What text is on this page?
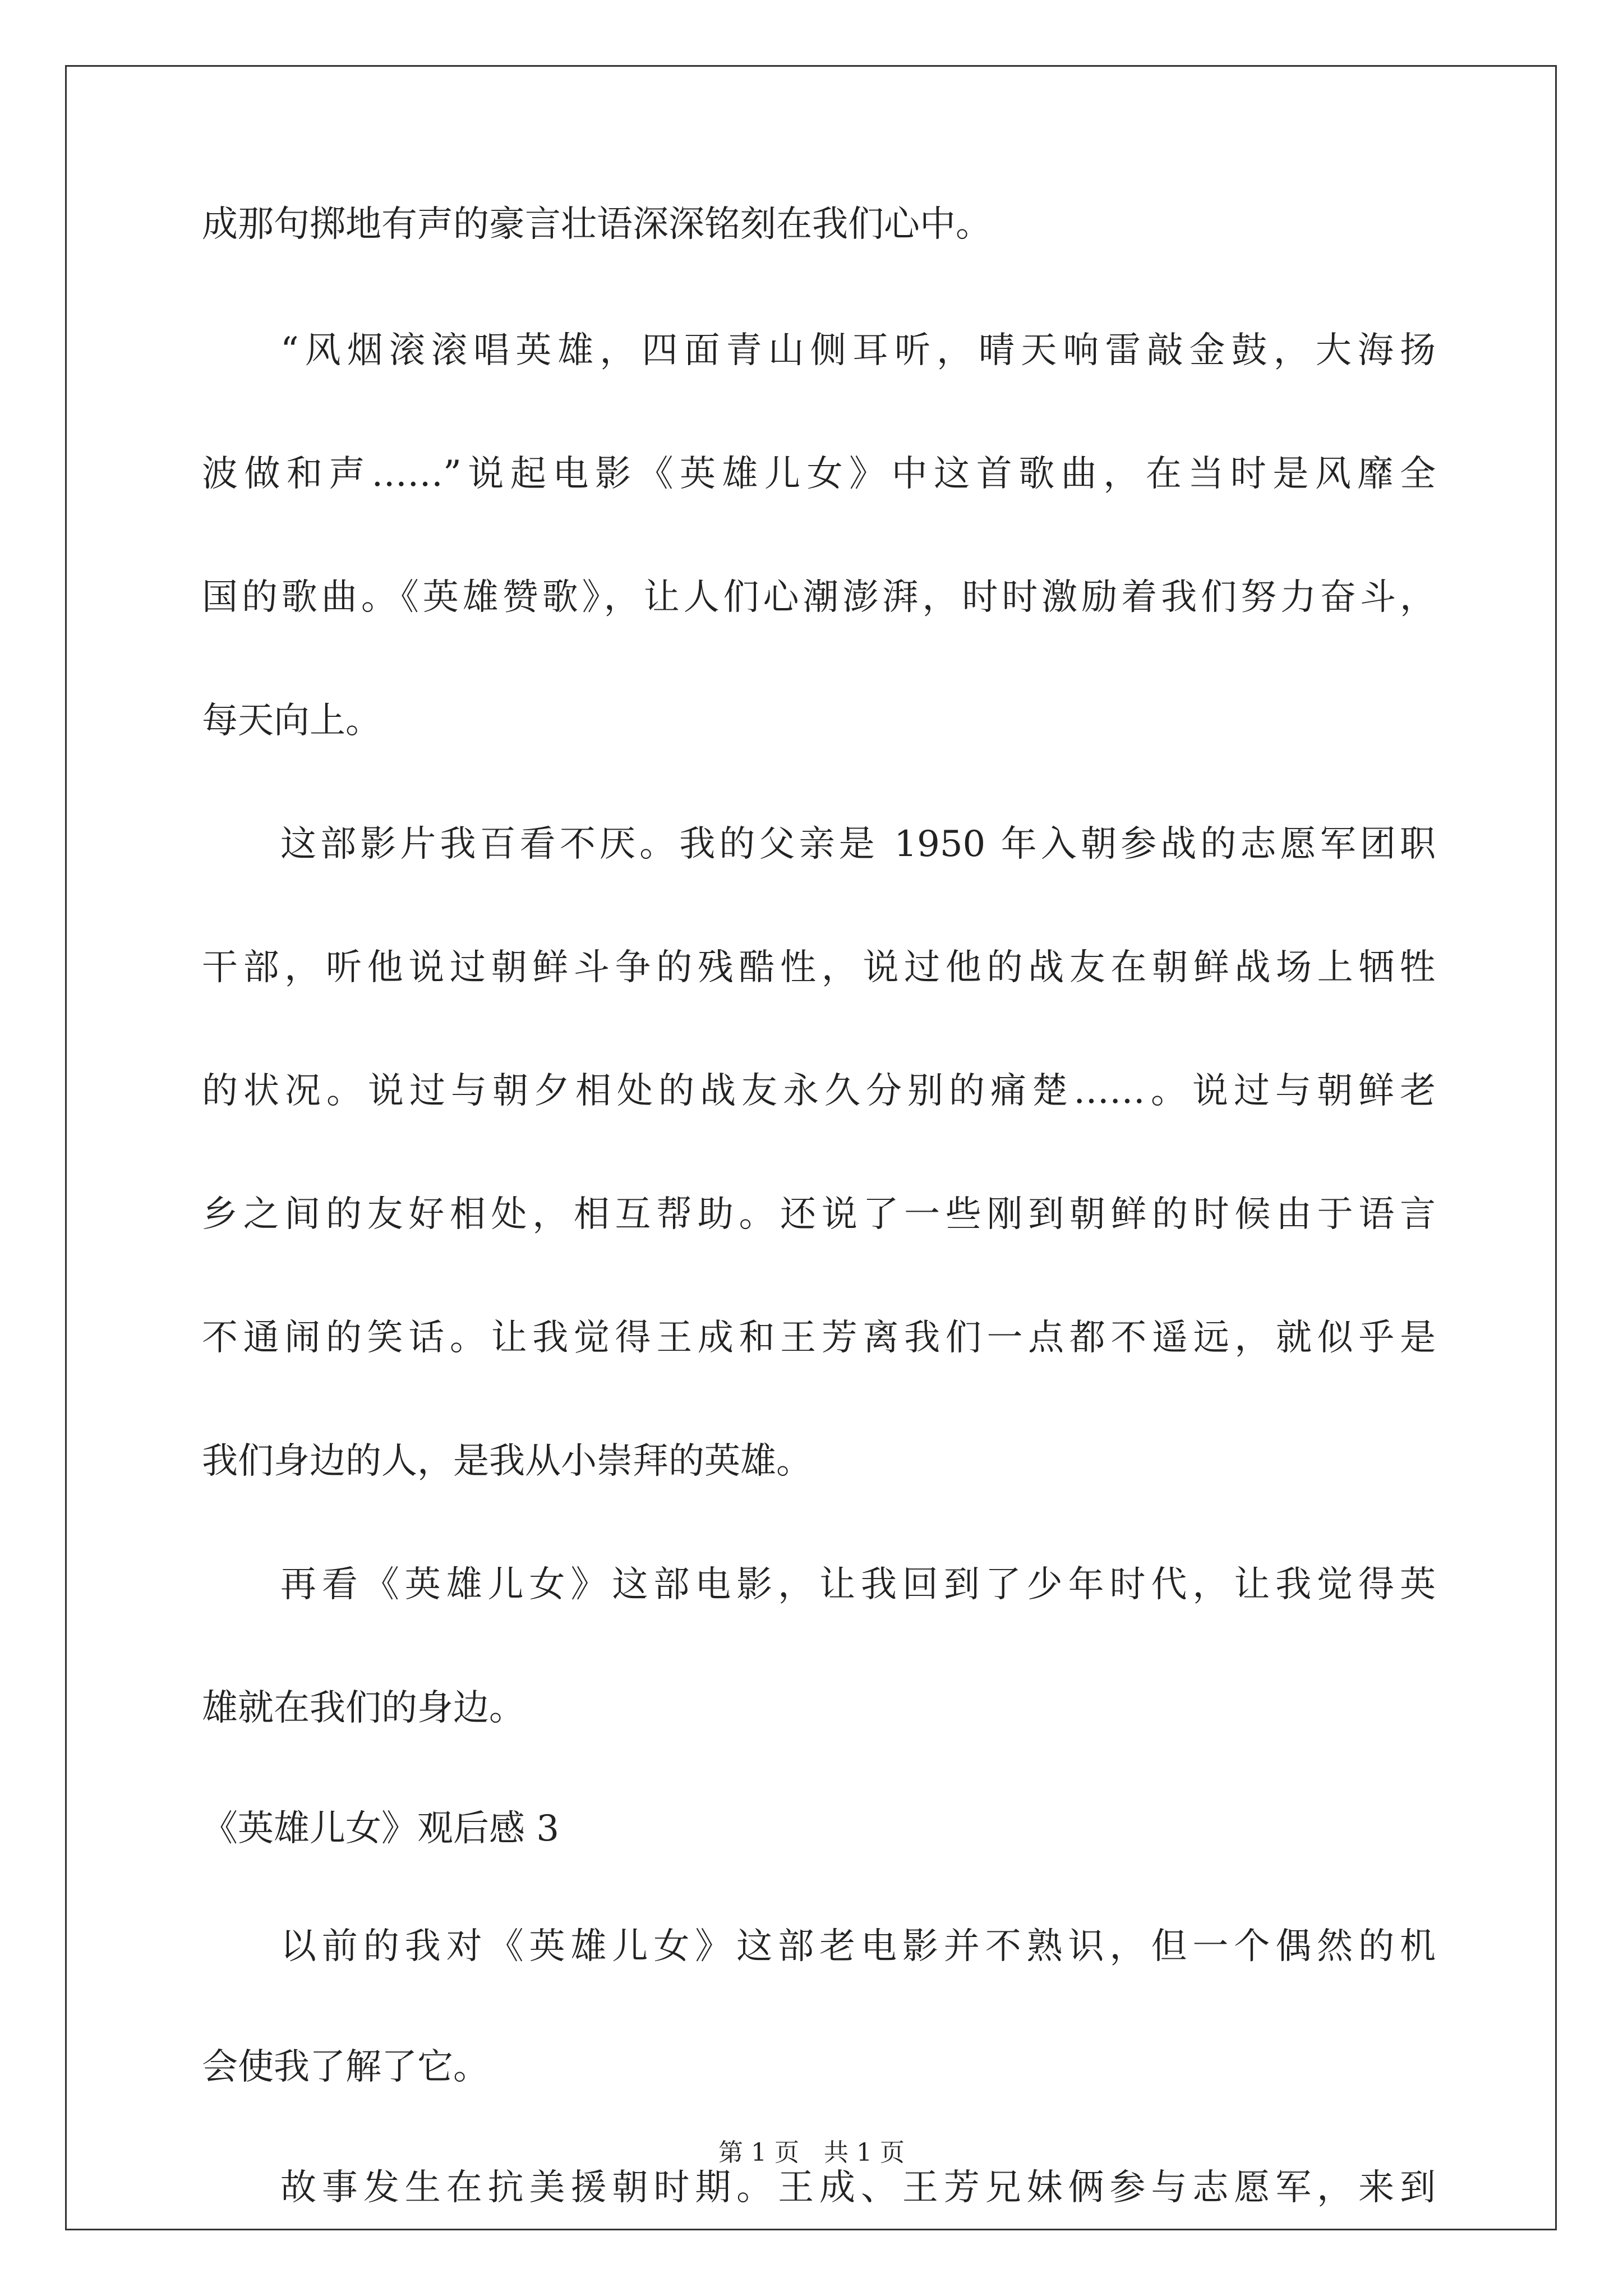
成那句掷地有声的豪言壮语深深铭刻在我们心中。
“风烟滚滚唱英雄，四面青山侧耳听，晴天响雷敲金鼓，大海扬
波做和声……”说起电影《英雄儿女》中这首歌曲，在当时是风靡全
国的歌曲。《英雄赞歌》，让人们心潮澎湃，时时激励着我们努力奋斗，
每天向上。
这部影片我百看不厌。我的父亲是 1950 年入朝参战的志愿军团职
干部，听他说过朝鲜斗争的残酷性，说过他的战友在朝鲜战场上牺牲
的状况。说过与朝夕相处的战友永久分别的痛楚……。说过与朝鲜老
乡之间的友好相处，相互帮助。还说了一些刚到朝鲜的时候由于语言
不通闹的笑话。让我觉得王成和王芳离我们一点都不遥远，就似乎是
我们身边的人，是我从小崇拜的英雄。
再看《英雄儿女》这部电影，让我回到了少年时代，让我觉得英
雄就在我们的身边。
《英雄儿女》观后感 3
以前的我对《英雄儿女》这部老电影并不熟识，但一个偶然的机
会使我了解了它。
故事发生在抗美援朝时期。王成、王芳兄妹俩参与志愿军，来到
第 1 页　共 1 页
